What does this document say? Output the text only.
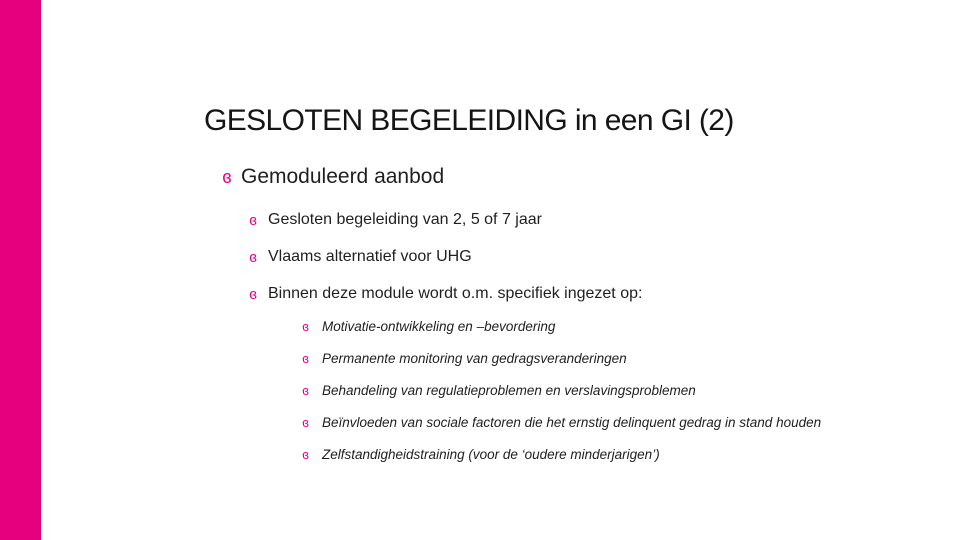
GESLOTEN BEGELEIDING in een GI (2)
ɞ Gemoduleerd aanbod
ɞ Gesloten begeleiding van 2, 5 of 7 jaar
ɞ Vlaams alternatief voor UHG
ɞ Binnen deze module wordt o.m. specifiek ingezet op:
ɞ Motivatie-ontwikkeling en –bevordering
ɞ Permanente monitoring van gedragsveranderingen
ɞ Behandeling van regulatieproblemen en verslavingsproblemen
ɞ Beïnvloeden van sociale factoren die het ernstig delinquent gedrag in stand houden
ɞ Zelfstandigheidstraining (voor de ‘oudere minderjarigen’)
